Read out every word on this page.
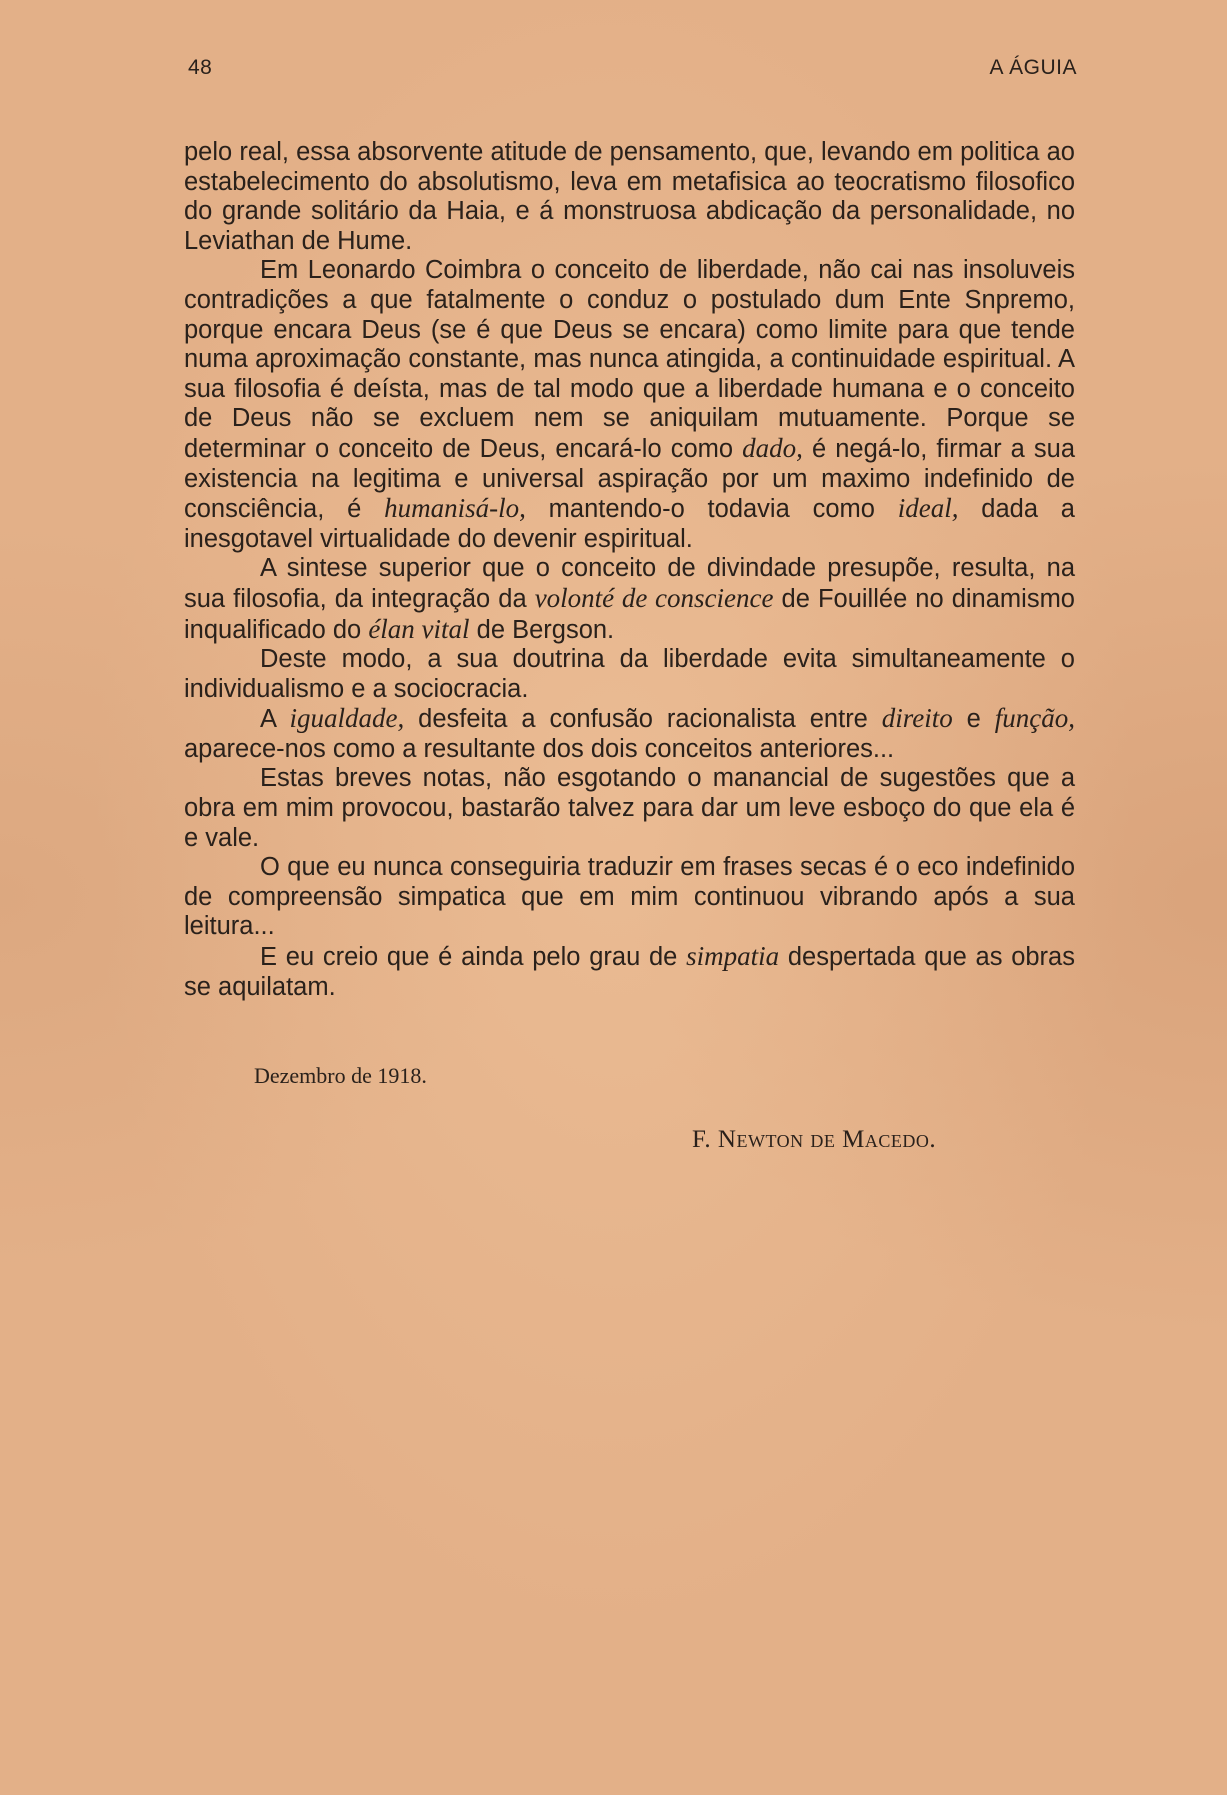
48	A ÁGUIA

pelo real, essa absorvente atitude de pensamento, que, levando em politica ao estabelecimento do absolutismo, leva em metafisica ao teocratismo filosofico do grande solitário da Haia, e á monstruosa abdicação da personalidade, no Leviathan de Hume.

Em Leonardo Coimbra o conceito de liberdade, não cai nas insoluveis contradições a que fatalmente o conduz o postulado dum Ente Snpremo, porque encara Deus (se é que Deus se encara) como limite para que tende numa aproximação constante, mas nunca atingida, a continuidade espiritual. A sua filosofia é deísta, mas de tal modo que a liberdade humana e o conceito de Deus não se excluem nem se aniquilam mutuamente. Porque se determinar o conceito de Deus, encará-lo como dado, é negá-lo, firmar a sua existencia na legitima e universal aspiração por um maximo indefinido de consciência, é humanisá-lo, mantendo-o todavia como ideal, dada a inesgotavel virtualidade do devenir espiritual.

A sintese superior que o conceito de divindade presupõe, resulta, na sua filosofia, da integração da volonté de conscience de Fouillée no dinamismo inqualificado do élan vital de Bergson.

Deste modo, a sua doutrina da liberdade evita simultaneamente o individualismo e a sociocracia.

A igualdade, desfeita a confusão racionalista entre direito e função, aparece-nos como a resultante dos dois conceitos anteriores...

Estas breves notas, não esgotando o manancial de sugestões que a obra em mim provocou, bastarão talvez para dar um leve esboço do que ela é e vale.

O que eu nunca conseguiria traduzir em frases secas é o eco indefinido de compreensão simpatica que em mim continuou vibrando após a sua leitura...

E eu creio que é ainda pelo grau de simpatia despertada que as obras se aquilatam.

Dezembro de 1918.
F. Newton de Macedo.
